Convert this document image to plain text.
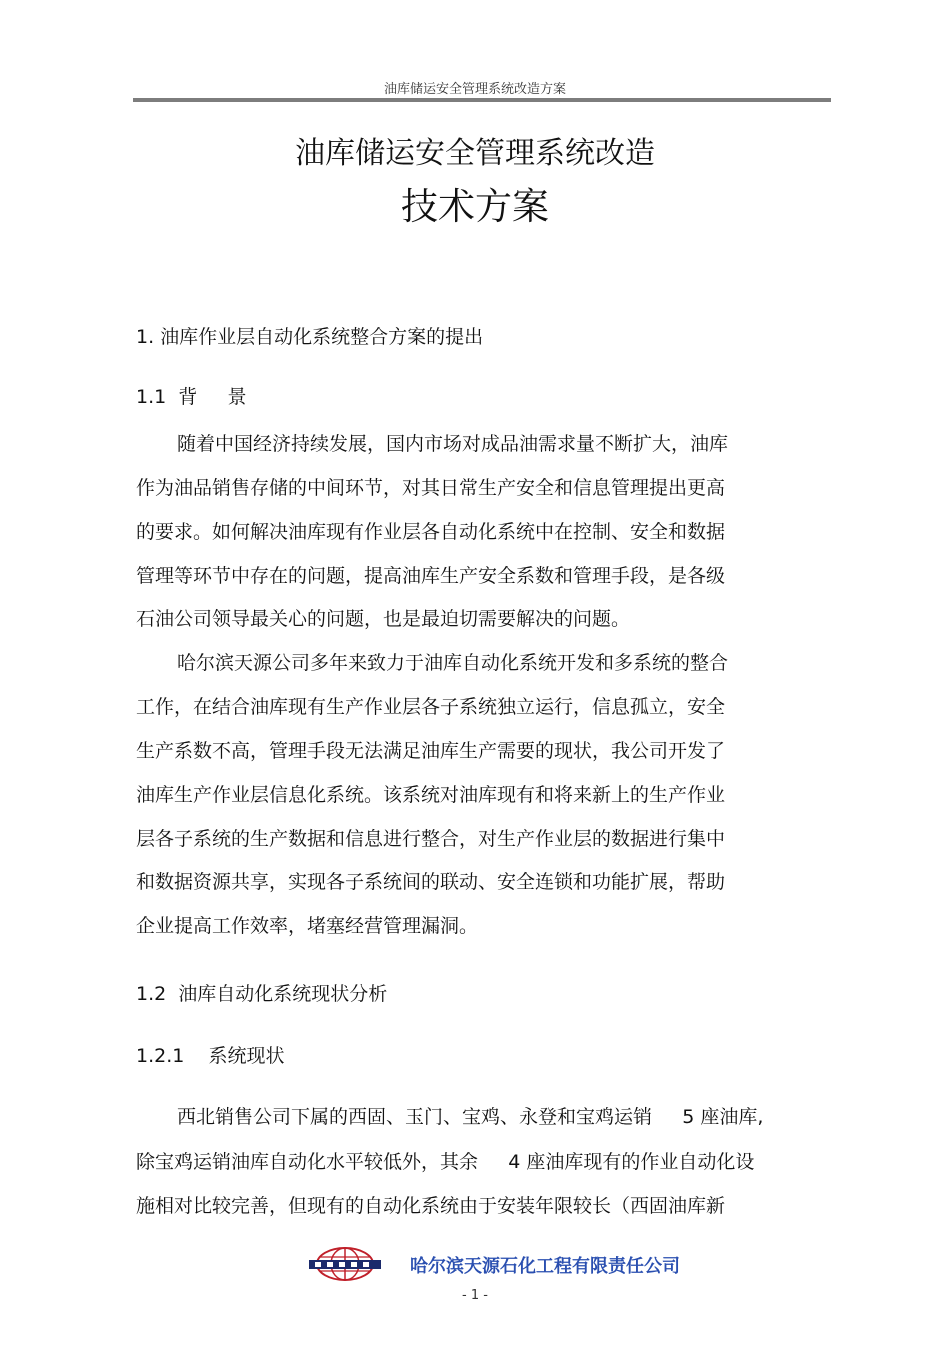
油库储运安全管理系统改造方案
油库储运安全管理系统改造
技术方案
1. 油库作业层自动化系统整合方案的提出
1.1  背     景
随着中国经济持续发展，国内市场对成品油需求量不断扩大，油库
作为油品销售存储的中间环节，对其日常生产安全和信息管理提出更高
的要求。如何解决油库现有作业层各自动化系统中在控制、安全和数据
管理等环节中存在的问题，提高油库生产安全系数和管理手段，是各级
石油公司领导最关心的问题，也是最迫切需要解决的问题。
哈尔滨天源公司多年来致力于油库自动化系统开发和多系统的整合
工作，在结合油库现有生产作业层各子系统独立运行，信息孤立，安全
生产系数不高，管理手段无法满足油库生产需要的现状，我公司开发了
油库生产作业层信息化系统。该系统对油库现有和将来新上的生产作业
层各子系统的生产数据和信息进行整合，对生产作业层的数据进行集中
和数据资源共享，实现各子系统间的联动、安全连锁和功能扩展，帮助
企业提高工作效率，堵塞经营管理漏洞。
1.2  油库自动化系统现状分析
1.2.1    系统现状
西北销售公司下属的西固、玉门、宝鸡、永登和宝鸡运销     5 座油库,
除宝鸡运销油库自动化水平较低外，其余     4 座油库现有的作业自动化设
施相对比较完善，但现有的自动化系统由于安装年限较长（西固油库新
哈尔滨天源石化工程有限责任公司
- 1 -
